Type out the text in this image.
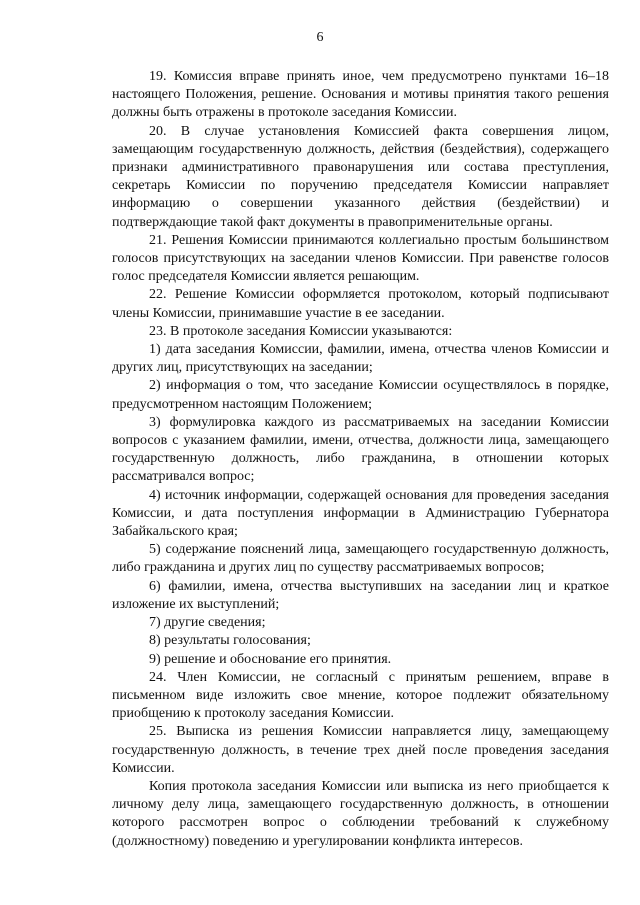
6

19. Комиссия вправе принять иное, чем предусмотрено пунктами 16–18 настоящего Положения, решение. Основания и мотивы принятия такого решения должны быть отражены в протоколе заседания Комиссии.

20. В случае установления Комиссией факта совершения лицом, замещающим государственную должность, действия (бездействия), содержащего признаки административного правонарушения или состава преступления, секретарь Комиссии по поручению председателя Комиссии направляет информацию о совершении указанного действия (бездействии) и подтверждающие такой факт документы в правоприменительные органы.

21. Решения Комиссии принимаются коллегиально простым большинством голосов присутствующих на заседании членов Комиссии. При равенстве голосов голос председателя Комиссии является решающим.

22. Решение Комиссии оформляется протоколом, который подписывают члены Комиссии, принимавшие участие в ее заседании.

23. В протоколе заседания Комиссии указываются:

1) дата заседания Комиссии, фамилии, имена, отчества членов Комиссии и других лиц, присутствующих на заседании;

2) информация о том, что заседание Комиссии осуществлялось в порядке, предусмотренном настоящим Положением;

3) формулировка каждого из рассматриваемых на заседании Комиссии вопросов с указанием фамилии, имени, отчества, должности лица, замещающего государственную должность, либо гражданина, в отношении которых рассматривался вопрос;

4) источник информации, содержащей основания для проведения заседания Комиссии, и дата поступления информации в Администрацию Губернатора Забайкальского края;

5) содержание пояснений лица, замещающего государственную должность, либо гражданина и других лиц по существу рассматриваемых вопросов;

6) фамилии, имена, отчества выступивших на заседании лиц и краткое изложение их выступлений;

7) другие сведения;

8) результаты голосования;

9) решение и обоснование его принятия.

24. Член Комиссии, не согласный с принятым решением, вправе в письменном виде изложить свое мнение, которое подлежит обязательному приобщению к протоколу заседания Комиссии.

25. Выписка из решения Комиссии направляется лицу, замещающему государственную должность, в течение трех дней после проведения заседания Комиссии.

Копия протокола заседания Комиссии или выписка из него приобщается к личному делу лица, замещающего государственную должность, в отношении которого рассмотрен вопрос о соблюдении требований к служебному (должностному) поведению и урегулировании конфликта интересов.
